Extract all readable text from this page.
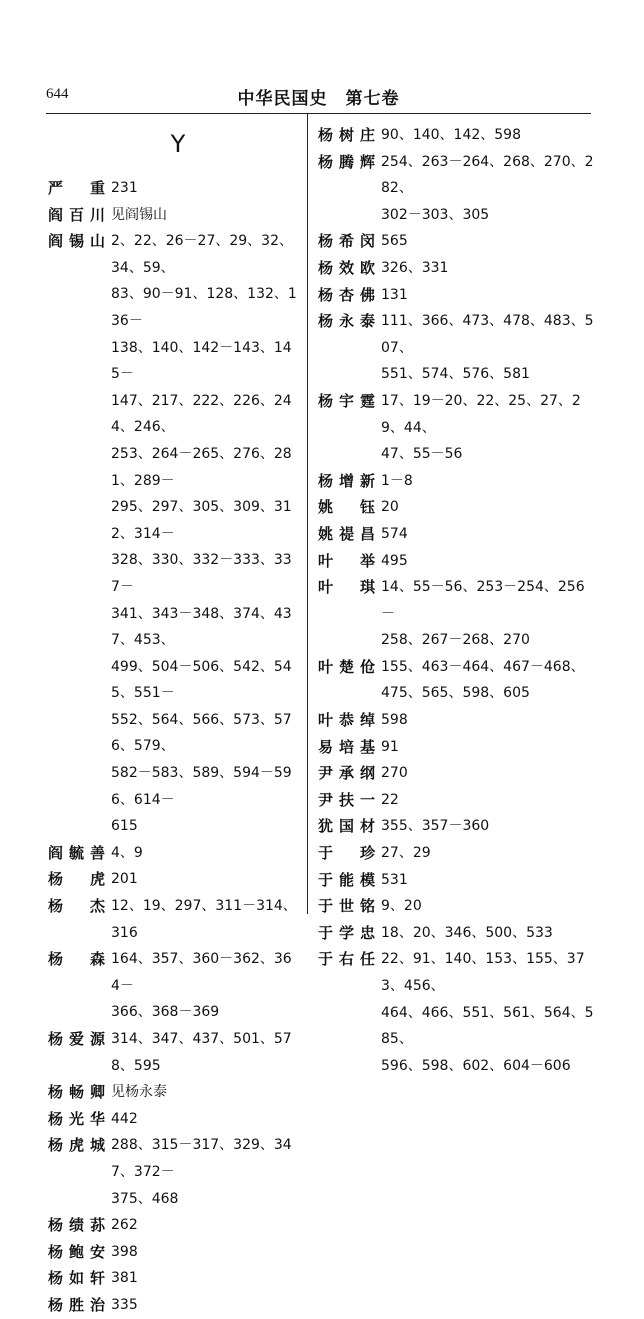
644	中华民国史　第七卷
Y
严　重 231
阎百川 见阎锡山
阎锡山 2、22、26－27、29、32、34、59、
83、90－91、128、132、136－
138、140、142－143、145－
147、217、222、226、244、246、
253、264－265、276、281、289－
295、297、305、309、312、314－
328、330、332－333、337－
341、343－348、374、437、453、
499、504－506、542、545、551－
552、564、566、573、576、579、
582－583、589、594－596、614－
615
阎毓善 4、9
杨　虎 201
杨　杰 12、19、297、311－314、316
杨　森 164、357、360－362、364－
366、368－369
杨爱源 314、347、437、501、578、595
杨畅卿 见杨永泰
杨光华 442
杨虎城 288、315－317、329、347、372－
375、468
杨绩荪 262
杨鲍安 398
杨如轩 381
杨胜治 335
杨树庄 90、140、142、598
杨腾辉 254、263－264、268、270、282、
302－303、305
杨希闵 565
杨效欧 326、331
杨杏佛 131
杨永泰 111、366、473、478、483、507、
551、574、576、581
杨宇霆 17、19－20、22、25、27、29、44、
47、55－56
杨增新 1－8
姚　钰 20
姚禔昌 574
叶　举 495
叶　琪 14、55－56、253－254、256－
258、267－268、270
叶楚伧 155、463－464、467－468、
475、565、598、605
叶恭绰 598
易培基 91
尹承纲 270
尹扶一 22
犹国材 355、357－360
于　珍 27、29
于能模 531
于世铭 9、20
于学忠 18、20、346、500、533
于右任 22、91、140、153、155、373、456、
464、466、551、561、564、585、
596、598、602、604－606
